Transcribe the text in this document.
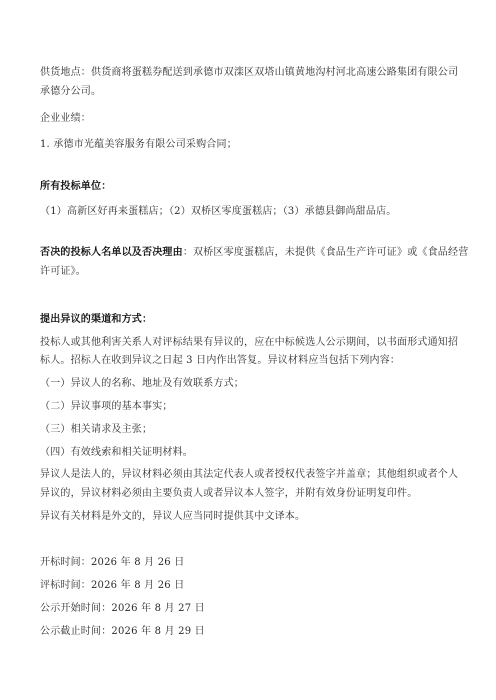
供货地点：供货商将蛋糕券配送到承德市双滦区双塔山镇黄地沟村河北高速公路集团有限公司
承德分公司。
企业业绩：
1. 承德市光蕴美容服务有限公司采购合同；
所有投标单位：
（1）高新区好再来蛋糕店；（2）双桥区零度蛋糕店；（3）承德县御尚甜品店。
否决的投标人名单以及否决理由：双桥区零度蛋糕店，未提供《食品生产许可证》或《食品经营
许可证》。
提出异议的渠道和方式：
投标人或其他利害关系人对评标结果有异议的，应在中标候选人公示期间，以书面形式通知招
标人。招标人在收到异议之日起 3 日内作出答复。异议材料应当包括下列内容：
（一）异议人的名称、地址及有效联系方式；
（二）异议事项的基本事实；
（三）相关请求及主张；
（四）有效线索和相关证明材料。
异议人是法人的，异议材料必须由其法定代表人或者授权代表签字并盖章；其他组织或者个人
异议的，异议材料必须由主要负责人或者异议本人签字，并附有效身份证明复印件。
异议有关材料是外文的，异议人应当同时提供其中文译本。
开标时间：2026 年 8 月 26 日
评标时间：2026 年 8 月 26 日
公示开始时间：2026 年 8 月 27 日
公示截止时间：2026 年 8 月 29 日
